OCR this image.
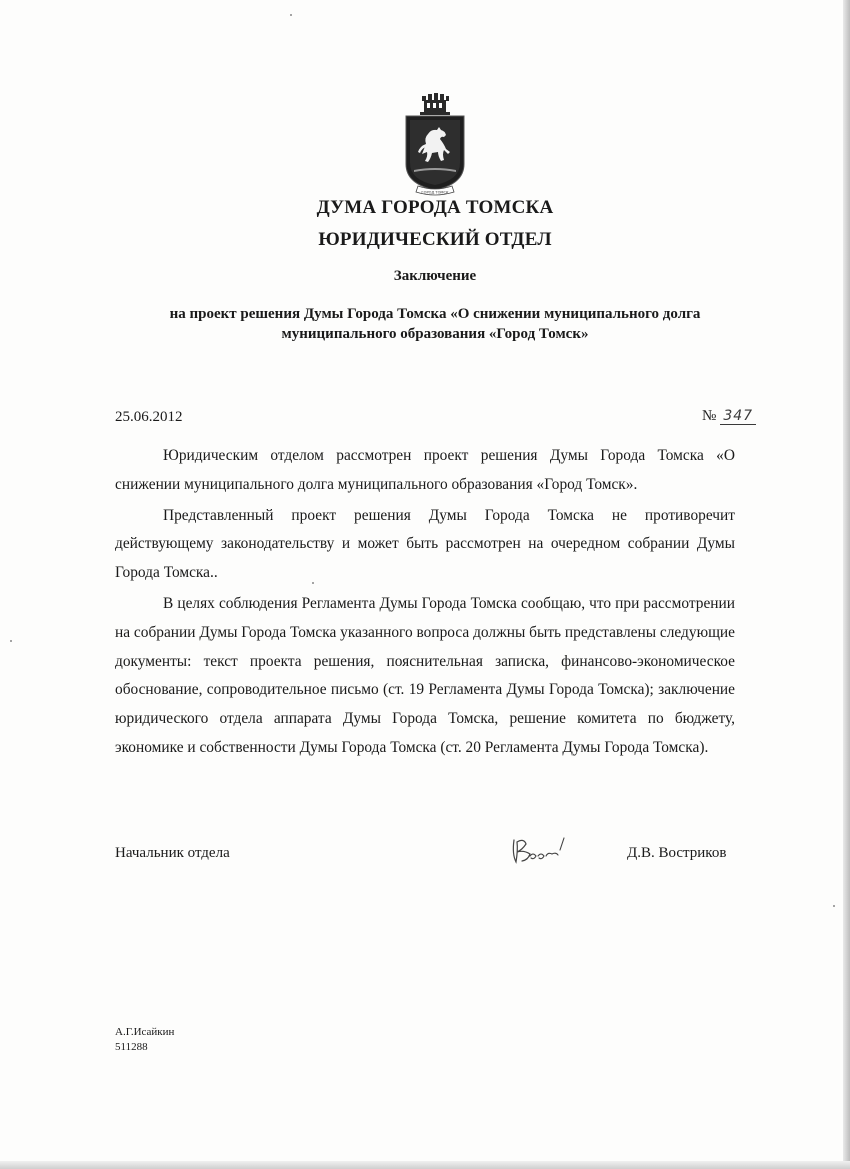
ГОРОД ТОМСК
ДУМА ГОРОДА ТОМСКА
ЮРИДИЧЕСКИЙ ОТДЕЛ
Заключение
на проект решения Думы Города Томска «О снижении муниципального долга
муниципального образования «Город Томск»
25.06.2012	№ 347

Юридическим отделом рассмотрен проект решения Думы Города Томска «О снижении муниципального долга муниципального образования «Город Томск».

Представленный проект решения Думы Города Томска не противоречит действующему законодательству и может быть рассмотрен на очередном собрании Думы Города Томска..

В целях соблюдения Регламента Думы Города Томска сообщаю, что при рассмотрении на собрании Думы Города Томска указанного вопроса должны быть представлены следующие документы: текст проекта решения, пояснительная записка, финансово-экономическое обоснование, сопроводительное письмо (ст. 19 Регламента Думы Города Томска); заключение юридического отдела аппарата Думы Города Томска, решение комитета по бюджету, экономике и собственности Думы Города Томска (ст. 20 Регламента Думы Города Томска).

Начальник отдела	Д.В. Востриков
А.Г.Исайкин
511288
